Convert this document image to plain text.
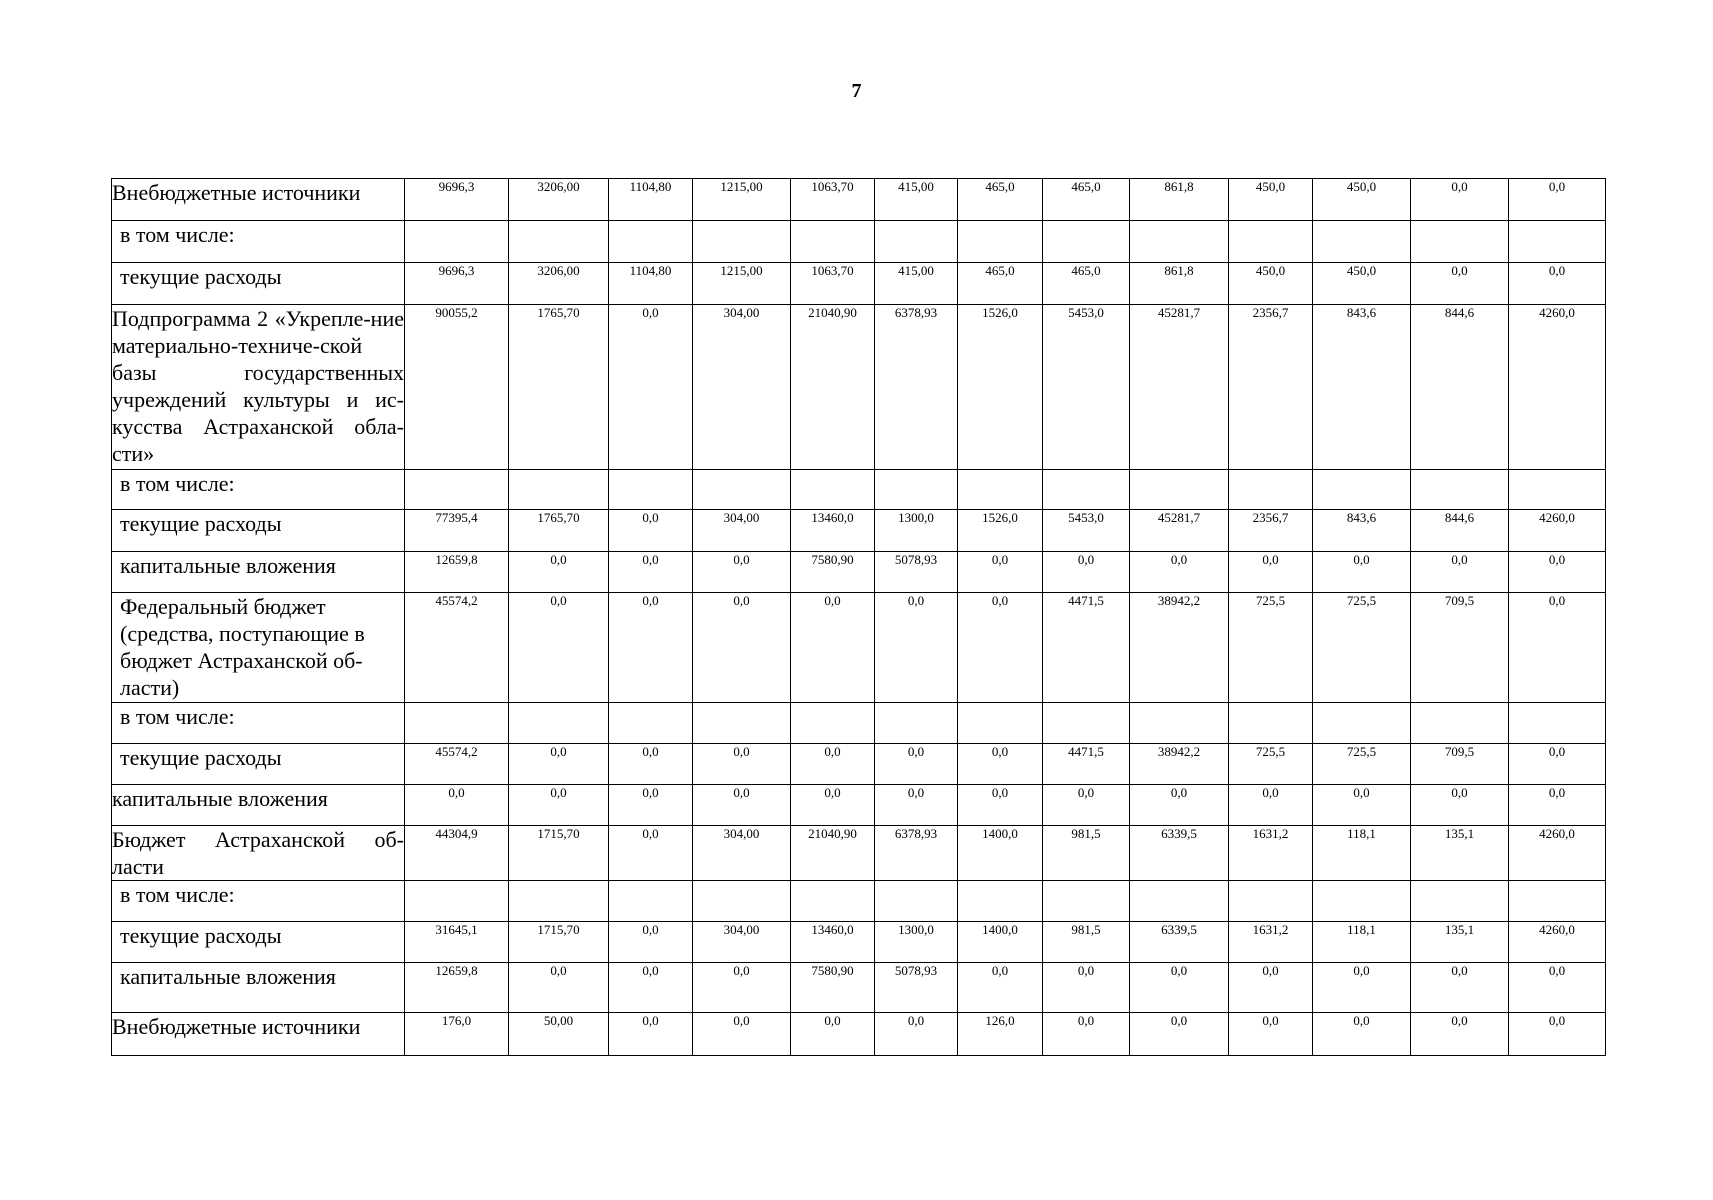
7
Внебюджетные источники	9696,3	3206,00	1104,80	1215,00	1063,70	415,00	465,0	465,0	861,8	450,0	450,0	0,0	0,0
в том числе:													
текущие расходы	9696,3	3206,00	1104,80	1215,00	1063,70	415,00	465,0	465,0	861,8	450,0	450,0	0,0	0,0
Подпрограмма 2 «Укрепле-ние материально-техниче-ской базы государственных учреждений культуры и ис-кусства Астраханской обла-сти»	90055,2	1765,70	0,0	304,00	21040,90	6378,93	1526,0	5453,0	45281,7	2356,7	843,6	844,6	4260,0
в том числе:													
текущие расходы	77395,4	1765,70	0,0	304,00	13460,0	1300,0	1526,0	5453,0	45281,7	2356,7	843,6	844,6	4260,0
капитальные вложения	12659,8	0,0	0,0	0,0	7580,90	5078,93	0,0	0,0	0,0	0,0	0,0	0,0	0,0
Федеральный бюджет (средства, поступающие в бюджет Астраханской об-ласти)	45574,2	0,0	0,0	0,0	0,0	0,0	0,0	4471,5	38942,2	725,5	725,5	709,5	0,0
в том числе:													
текущие расходы	45574,2	0,0	0,0	0,0	0,0	0,0	0,0	4471,5	38942,2	725,5	725,5	709,5	0,0
капитальные вложения	0,0	0,0	0,0	0,0	0,0	0,0	0,0	0,0	0,0	0,0	0,0	0,0	0,0
Бюджет Астраханской об-ласти	44304,9	1715,70	0,0	304,00	21040,90	6378,93	1400,0	981,5	6339,5	1631,2	118,1	135,1	4260,0
в том числе:													
текущие расходы	31645,1	1715,70	0,0	304,00	13460,0	1300,0	1400,0	981,5	6339,5	1631,2	118,1	135,1	4260,0
капитальные вложения	12659,8	0,0	0,0	0,0	7580,90	5078,93	0,0	0,0	0,0	0,0	0,0	0,0	0,0
Внебюджетные источники	176,0	50,00	0,0	0,0	0,0	0,0	126,0	0,0	0,0	0,0	0,0	0,0	0,0
